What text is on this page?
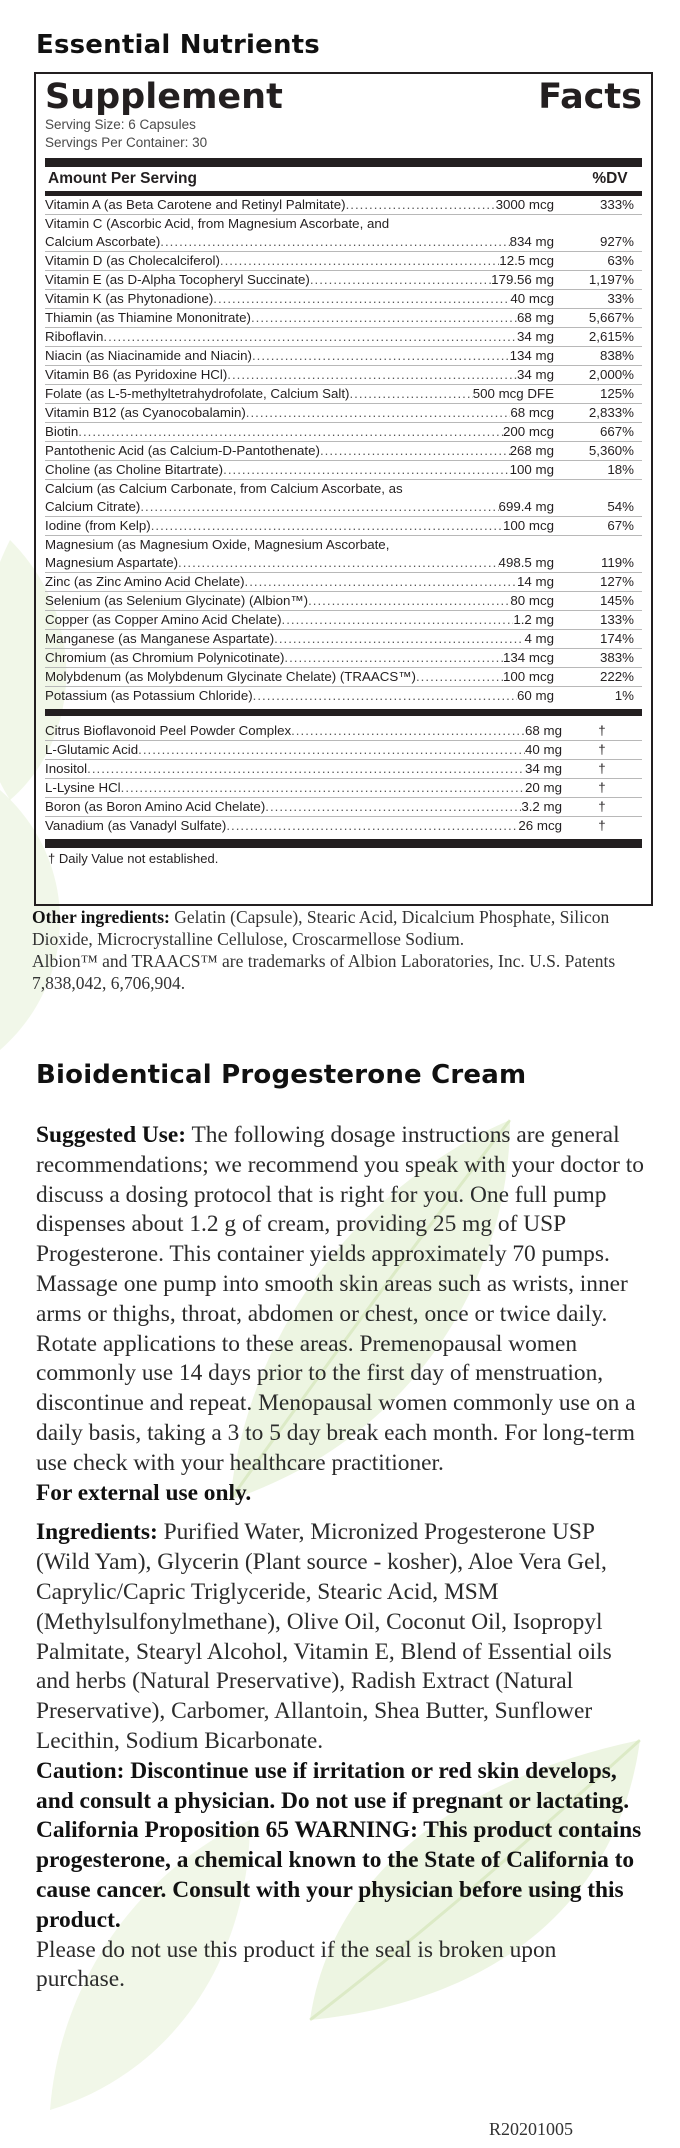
Essential Nutrients
Supplement Facts
Serving Size: 6 Capsules
Servings Per Container: 30
Amount Per Serving	%DV
Vitamin A (as Beta Carotene and Retinyl Palmitate) .....	3000 mcg	333%
Vitamin C (Ascorbic Acid, from Magnesium Ascorbate, and
Calcium Ascorbate) .....	834 mg	927%
Vitamin D (as Cholecalciferol) .....	12.5 mcg	63%
Vitamin E (as D-Alpha Tocopheryl Succinate) .....	179.56 mg	1,197%
Vitamin K (as Phytonadione) .....	40 mcg	33%
Thiamin (as Thiamine Mononitrate) .....	68 mg	5,667%
Riboflavin .....	34 mg	2,615%
Niacin (as Niacinamide and Niacin) .....	134 mg	838%
Vitamin B6 (as Pyridoxine HCl) .....	34 mg	2,000%
Folate (as L-5-methyltetrahydrofolate, Calcium Salt) .....	500 mcg DFE	125%
Vitamin B12 (as Cyanocobalamin) .....	68 mcg	2,833%
Biotin .....	200 mcg	667%
Pantothenic Acid (as Calcium-D-Pantothenate) .....	268 mg	5,360%
Choline (as Choline Bitartrate) .....	100 mg	18%
Calcium (as Calcium Carbonate, from Calcium Ascorbate, as
Calcium Citrate) .....	699.4 mg	54%
Iodine (from Kelp) .....	100 mcg	67%
Magnesium (as Magnesium Oxide, Magnesium Ascorbate,
Magnesium Aspartate) .....	498.5 mg	119%
Zinc (as Zinc Amino Acid Chelate) .....	14 mg	127%
Selenium (as Selenium Glycinate) (Albion™) .....	80 mcg	145%
Copper (as Copper Amino Acid Chelate) .....	1.2 mg	133%
Manganese (as Manganese Aspartate) .....	4 mg	174%
Chromium (as Chromium Polynicotinate) .....	134 mcg	383%
Molybdenum (as Molybdenum Glycinate Chelate) (TRAACS™) .....	100 mcg	222%
Potassium (as Potassium Chloride) .....	60 mg	1%
Citrus Bioflavonoid Peel Powder Complex .....	68 mg	†
L-Glutamic Acid .....	40 mg	†
Inositol .....	34 mg	†
L-Lysine HCl .....	20 mg	†
Boron (as Boron Amino Acid Chelate) .....	3.2 mg	†
Vanadium (as Vanadyl Sulfate) .....	26 mcg	†
† Daily Value not established.
Other ingredients: Gelatin (Capsule), Stearic Acid, Dicalcium Phosphate, Silicon Dioxide, Microcrystalline Cellulose, Croscarmellose Sodium.
Albion™ and TRAACS™ are trademarks of Albion Laboratories, Inc. U.S. Patents 7,838,042, 6,706,904.
Bioidentical Progesterone Cream

Suggested Use: The following dosage instructions are general recommendations; we recommend you speak with your doctor to discuss a dosing protocol that is right for you. One full pump dispenses about 1.2 g of cream, providing 25 mg of USP Progesterone. This container yields approximately 70 pumps. Massage one pump into smooth skin areas such as wrists, inner arms or thighs, throat, abdomen or chest, once or twice daily. Rotate applications to these areas. Premenopausal women commonly use 14 days prior to the first day of menstruation, discontinue and repeat. Menopausal women commonly use on a daily basis, taking a 3 to 5 day break each month. For long-term use check with your healthcare practitioner.

For external use only.

Ingredients: Purified Water, Micronized Progesterone USP (Wild Yam), Glycerin (Plant source - kosher), Aloe Vera Gel, Caprylic/Capric Triglyceride, Stearic Acid, MSM (Methylsulfonylmethane), Olive Oil, Coconut Oil, Isopropyl Palmitate, Stearyl Alcohol, Vitamin E, Blend of Essential oils and herbs (Natural Preservative), Radish Extract (Natural Preservative), Carbomer, Allantoin, Shea Butter, Sunflower Lecithin, Sodium Bicarbonate.

Caution: Discontinue use if irritation or red skin develops, and consult a physician. Do not use if pregnant or lactating.

California Proposition 65 WARNING: This product contains progesterone, a chemical known to the State of California to cause cancer. Consult with your physician before using this product.

Please do not use this product if the seal is broken upon purchase.

R20201005
